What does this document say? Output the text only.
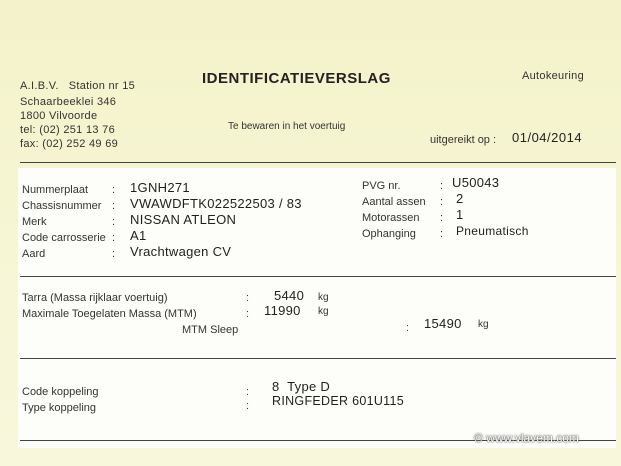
A.I.B.V. Station nr 15
Schaarbeeklei 346
1800 Vilvoorde
tel: (02) 251 13 76
fax: (02) 252 49 69
IDENTIFICATIEVERSLAG	Autokeuring
Te bewaren in het voertuig
uitgereikt op : 01/04/2014
Nummerplaat : 1GNH271
Chassisnummer : VWAWDFTK022522503 / 83
Merk	: NISSAN ATLEON
Code carrosserie : A1
Aard	: Vrachtwagen CV
PVG nr.	: U50043
Aantal assen : 2
Motorassen : 1
Ophanging : Pneumatisch
Tarra (Massa rijklaar voertuig)	: 5440 kg
Maximale Toegelaten Massa (MTM)	: 11990 kg
MTM Sleep	: 15490 kg
Code koppeling	: 8  Type D
Type koppeling	: RINGFEDER 601U115
© www.vlavem.com
